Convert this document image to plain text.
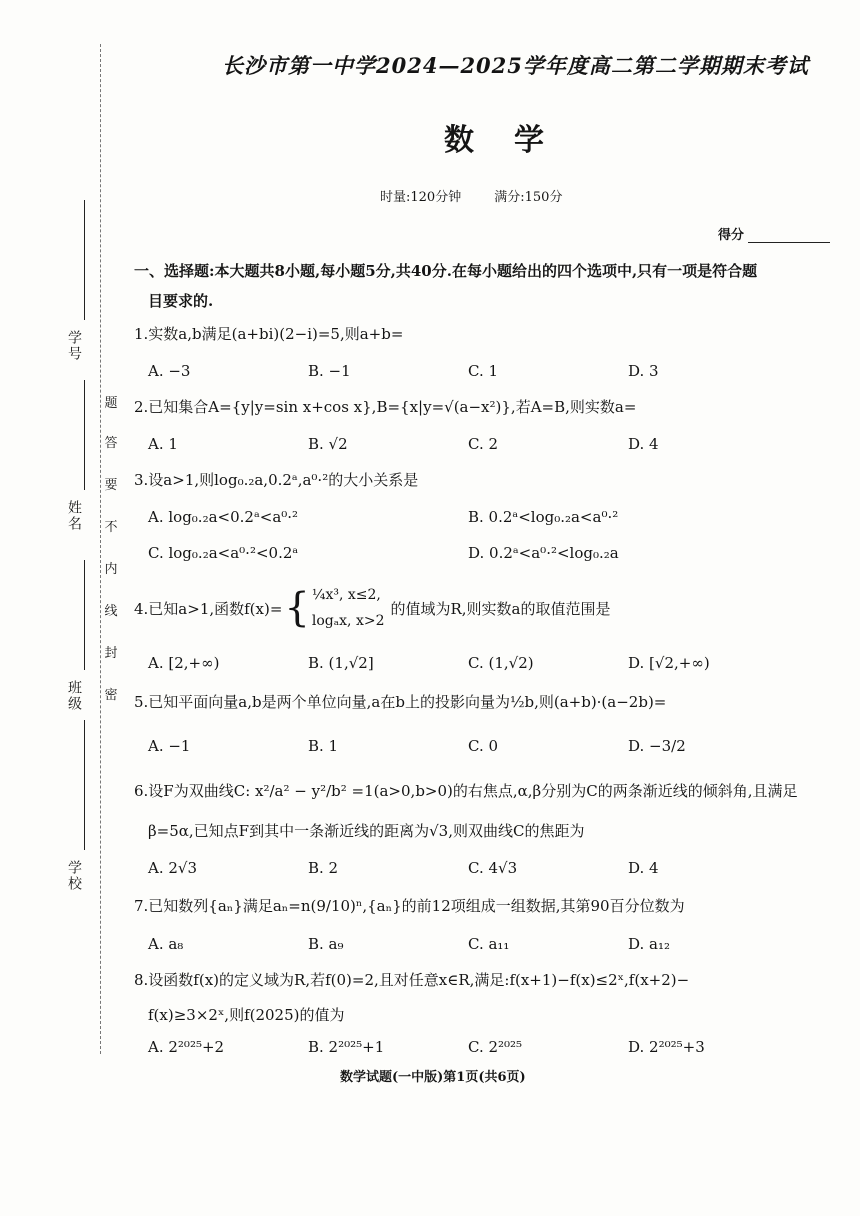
学号
姓名
班级
学校
题
答
要
不
内
线
封
密
长沙市第一中学2024—2025学年度高二第二学期期末考试
数学
时量:120分钟        满分:150分
得分
一、选择题:本大题共8小题,每小题5分,共40分.在每小题给出的四个选项中,只有一项是符合题
目要求的.
1.实数a,b满足(a+bi)(2−i)=5,则a+b=
A. −3	B. −1	C. 1	D. 3
2.已知集合A={y|y=sin x+cos x},B={x|y=√(a−x²)},若A=B,则实数a=
A. 1	B. √2	C. 2	D. 4
3.设a>1,则log₀.₂a,0.2ᵃ,a⁰·²的大小关系是
A. log₀.₂a<0.2ᵃ<a⁰·²	B. 0.2ᵃ<log₀.₂a<a⁰·²
C. log₀.₂a<a⁰·²<0.2ᵃ	D. 0.2ᵃ<a⁰·²<log₀.₂a
4.已知a>1,函数f(x)= { ¼x³, x≤2,
logₐx, x>2
的值域为R,则实数a的取值范围是
A. [2,+∞)	B. (1,√2]	C. (1,√2)	D. [√2,+∞)
5.已知平面向量a,b是两个单位向量,a在b上的投影向量为½b,则(a+b)·(a−2b)=
A. −1	B. 1	C. 0	D. −3/2
6.设F为双曲线C: x²/a² − y²/b² =1(a>0,b>0)的右焦点,α,β分别为C的两条渐近线的倾斜角,且满足
β=5α,已知点F到其中一条渐近线的距离为√3,则双曲线C的焦距为
A. 2√3	B. 2	C. 4√3	D. 4
7.已知数列{aₙ}满足aₙ=n(9/10)ⁿ,{aₙ}的前12项组成一组数据,其第90百分位数为
A. a₈	B. a₉	C. a₁₁	D. a₁₂
8.设函数f(x)的定义域为R,若f(0)=2,且对任意x∈R,满足:f(x+1)−f(x)≤2ˣ,f(x+2)−
f(x)≥3×2ˣ,则f(2025)的值为
A. 2²⁰²⁵+2	B. 2²⁰²⁵+1	C. 2²⁰²⁵	D. 2²⁰²⁵+3
数学试题(一中版)第1页(共6页)
